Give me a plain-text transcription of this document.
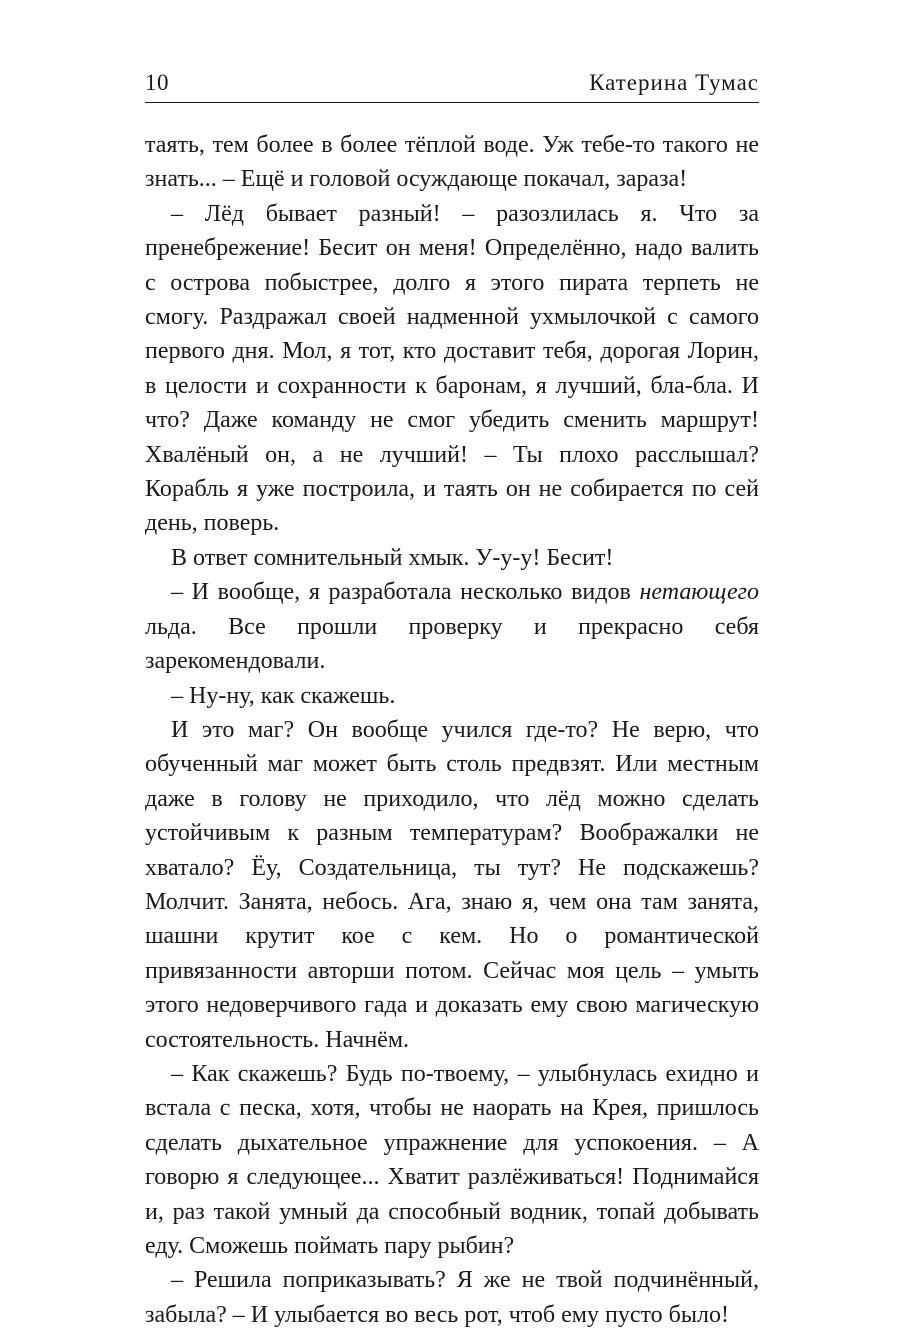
10	Катерина Тумас

таять, тем более в более тёплой воде. Уж тебе-то такого не знать... – Ещё и головой осуждающе покачал, зараза!

– Лёд бывает разный! – разозлилась я. Что за пренебрежение! Бесит он меня! Определённо, надо валить с острова побыстрее, долго я этого пирата терпеть не смогу. Раздражал своей надменной ухмылочкой с самого первого дня. Мол, я тот, кто доставит тебя, дорогая Лорин, в целости и сохранности к баронам, я лучший, бла-бла. И что? Даже команду не смог убедить сменить маршрут! Хвалёный он, а не лучший! – Ты плохо расслышал? Корабль я уже построила, и таять он не собирается по сей день, поверь.

В ответ сомнительный хмык. У-у-у! Бесит!

– И вообще, я разработала несколько видов нетающего льда. Все прошли проверку и прекрасно себя зарекомендовали.

– Ну-ну, как скажешь.

И это маг? Он вообще учился где-то? Не верю, что обученный маг может быть столь предвзят. Или местным даже в голову не приходило, что лёд можно сделать устойчивым к разным температурам? Воображалки не хватало? Ёу, Создательница, ты тут? Не подскажешь? Молчит. Занята, небось. Ага, знаю я, чем она там занята, шашни крутит кое с кем. Но о романтической привязанности авторши потом. Сейчас моя цель – умыть этого недоверчивого гада и доказать ему свою магическую состоятельность. Начнём.

– Как скажешь? Будь по-твоему, – улыбнулась ехидно и встала с песка, хотя, чтобы не наорать на Крея, пришлось сделать дыхательное упражнение для успокоения. – А говорю я следующее... Хватит разлёживаться! Поднимайся и, раз такой умный да способный водник, топай добывать еду. Сможешь поймать пару рыбин?

– Решила поприказывать? Я же не твой подчинённый, забыла? – И улыбается во весь рот, чтоб ему пусто было!
